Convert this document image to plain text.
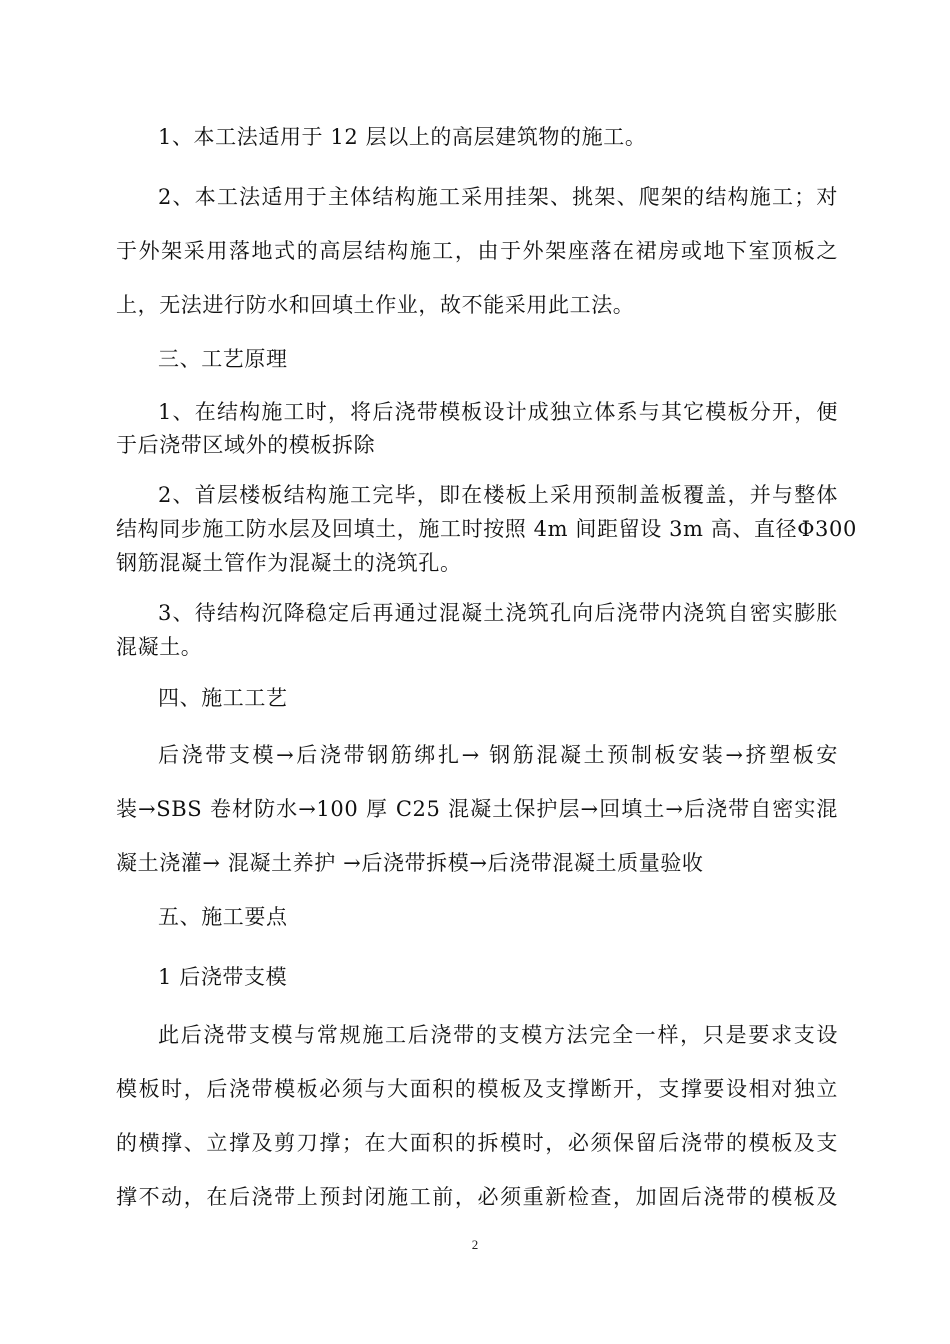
1、本工法适用于 12 层以上的高层建筑物的施工。
2、本工法适用于主体结构施工采用挂架、挑架、爬架的结构施工；对
于外架采用落地式的高层结构施工，由于外架座落在裙房或地下室顶板之
上，无法进行防水和回填土作业，故不能采用此工法。
三、工艺原理
1、在结构施工时，将后浇带模板设计成独立体系与其它模板分开，便
于后浇带区域外的模板拆除
2、首层楼板结构施工完毕，即在楼板上采用预制盖板覆盖，并与整体
结构同步施工防水层及回填土，施工时按照 4m 间距留设 3m 高、直径Φ300
钢筋混凝土管作为混凝土的浇筑孔。
3、待结构沉降稳定后再通过混凝土浇筑孔向后浇带内浇筑自密实膨胀
混凝土。
四、施工工艺
后浇带支模→后浇带钢筋绑扎→ 钢筋混凝土预制板安装→挤塑板安
装→SBS 卷材防水→100 厚 C25 混凝土保护层→回填土→后浇带自密实混
凝土浇灌→ 混凝土养护 →后浇带拆模→后浇带混凝土质量验收
五、施工要点
1 后浇带支模
此后浇带支模与常规施工后浇带的支模方法完全一样，只是要求支设
模板时，后浇带模板必须与大面积的模板及支撑断开，支撑要设相对独立
的横撑、立撑及剪刀撑；在大面积的拆模时，必须保留后浇带的模板及支
撑不动，在后浇带上预封闭施工前，必须重新检查，加固后浇带的模板及
2
